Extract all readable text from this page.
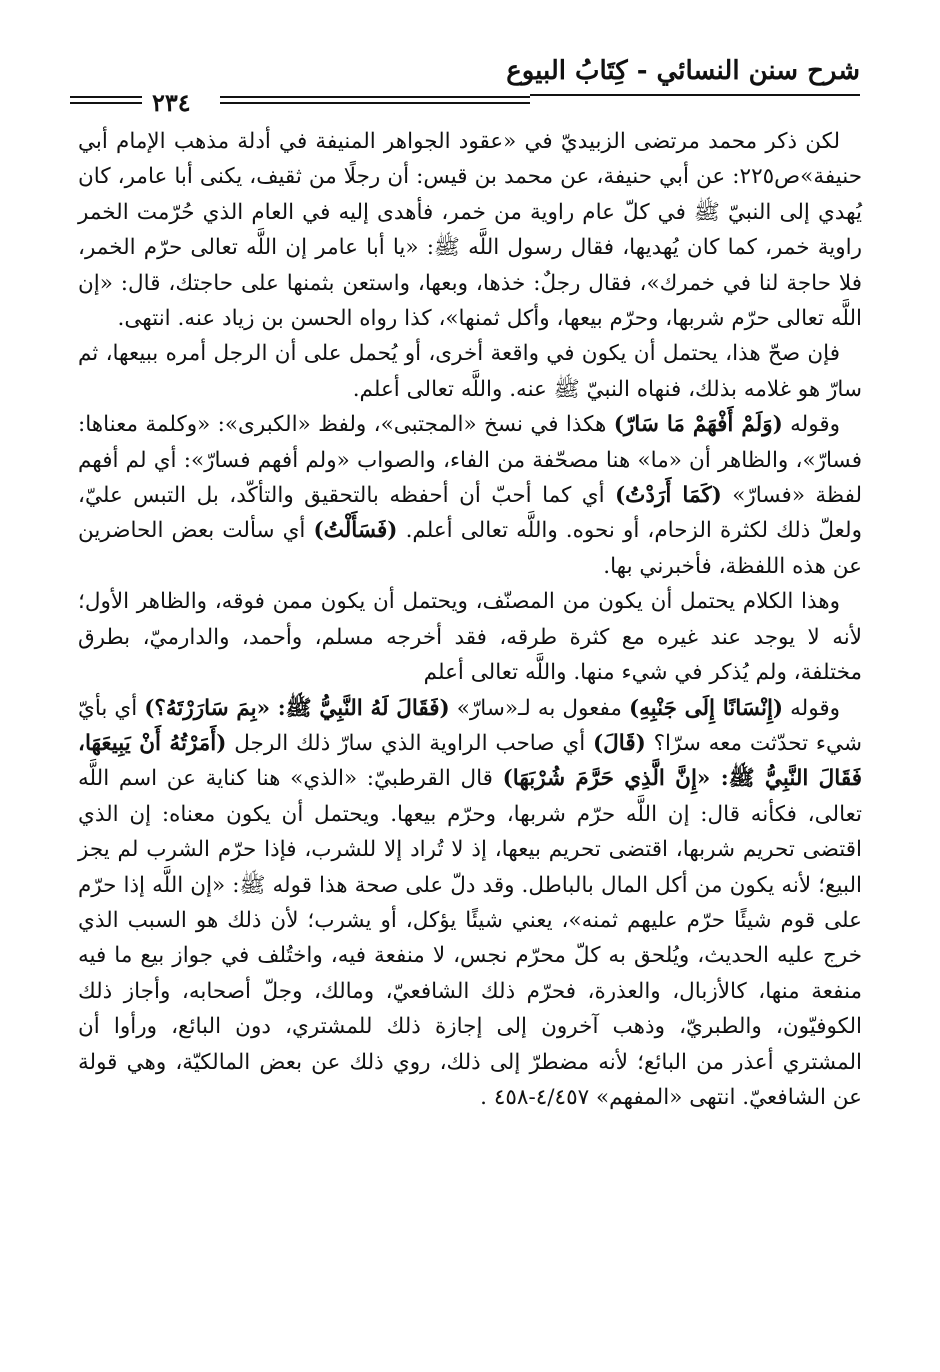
شرح سنن النسائي - كِتَابُ البيوع
٢٣٤

لكن ذكر محمد مرتضى الزبيديّ في «عقود الجواهر المنيفة في أدلة مذهب الإمام أبي حنيفة»ص٢٢٥: عن أبي حنيفة، عن محمد بن قيس: أن رجلًا من ثقيف، يكنى أبا عامر، كان يُهدي إلى النبيّ ﷺ في كلّ عام راوية من خمر، فأهدى إليه في العام الذي حُرّمت الخمر راوية خمر، كما كان يُهديها، فقال رسول اللَّه ﷺ: «يا أبا عامر إن اللَّه تعالى حرّم الخمر، فلا حاجة لنا في خمرك»، فقال رجلٌ: خذها، وبعها، واستعن بثمنها على حاجتك، قال: «إن اللَّه تعالى حرّم شربها، وحرّم بيعها، وأكل ثمنها»، كذا رواه الحسن بن زياد عنه. انتهى.

فإن صحّ هذا، يحتمل أن يكون في واقعة أخرى، أو يُحمل على أن الرجل أمره ببيعها، ثم سارّ هو غلامه بذلك، فنهاه النبيّ ﷺ عنه. واللَّه تعالى أعلم.

وقوله (وَلَمْ أَفْهَمْ مَا سَارّ) هكذا في نسخ «المجتبى»، ولفظ «الكبرى»: «وكلمة معناها: فسارّ»، والظاهر أن «ما» هنا مصحّفة من الفاء، والصواب «ولم أفهم فسارّ»: أي لم أفهم لفظة «فسارّ» (كَمَا أَرَدْتُ) أي كما أحبّ أن أحفظه بالتحقيق والتأكّد، بل التبس عليّ، ولعلّ ذلك لكثرة الزحام، أو نحوه. واللَّه تعالى أعلم. (فَسَأَلْتُ) أي سألت بعض الحاضرين عن هذه اللفظة، فأخبرني بها.

وهذا الكلام يحتمل أن يكون من المصنّف، ويحتمل أن يكون ممن فوقه، والظاهر الأول؛ لأنه لا يوجد عند غيره مع كثرة طرقه، فقد أخرجه مسلم، وأحمد، والدارميّ، بطرق مختلفة، ولم يُذكر في شيء منها. واللَّه تعالى أعلم

وقوله (إِنْسَانًا إِلَى جَنْبِهِ) مفعول به لـ«سارّ» (فَقَالَ لَهُ النَّبِيُّ ﷺ: «بِمَ سَارَرْتَهُ؟) أي بأيّ شيء تحدّثت معه سرّا؟ (قَالَ) أي صاحب الراوية الذي سارّ ذلك الرجل (أَمَرْتُهُ أَنْ يَبِيعَهَا، فَقَالَ النَّبِيُّ ﷺ: «إِنَّ الَّذِي حَرَّمَ شُرْبَهَا) قال القرطبيّ: «الذي» هنا كناية عن اسم اللَّه تعالى، فكأنه قال: إن اللَّه حرّم شربها، وحرّم بيعها. ويحتمل أن يكون معناه: إن الذي اقتضى تحريم شربها، اقتضى تحريم بيعها، إذ لا تُراد إلا للشرب، فإذا حرّم الشرب لم يجز البيع؛ لأنه يكون من أكل المال بالباطل. وقد دلّ على صحة هذا قوله ﷺ: «إن اللَّه إذا حرّم على قوم شيئًا حرّم عليهم ثمنه»، يعني شيئًا يؤكل، أو يشرب؛ لأن ذلك هو السبب الذي خرج عليه الحديث، ويُلحق به كلّ محرّم نجس، لا منفعة فيه، واختُلف في جواز بيع ما فيه منفعة منها، كالأزبال، والعذرة، فحرّم ذلك الشافعيّ، ومالك، وجلّ أصحابه، وأجاز ذلك الكوفيّون، والطبريّ، وذهب آخرون إلى إجازة ذلك للمشتري، دون البائع، ورأوا أن المشتري أعذر من البائع؛ لأنه مضطرّ إلى ذلك، روي ذلك عن بعض المالكيّة، وهي قولة عن الشافعيّ. انتهى «المفهم» ٤/٤٥٧-٤٥٨ .
